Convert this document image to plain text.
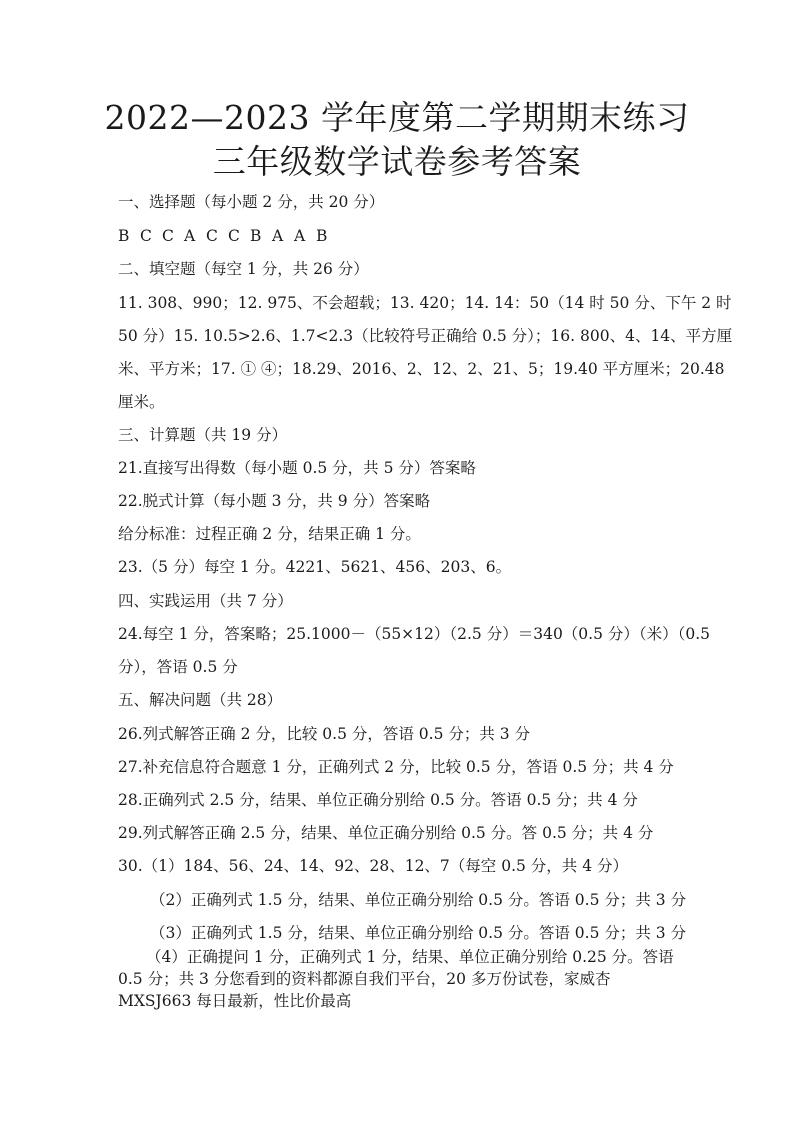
2022—2023 学年度第二学期期末练习
三年级数学试卷参考答案
一、选择题（每小题 2 分，共 20 分）
B C C A C C B A A B
二、填空题（每空 1 分，共 26 分）
11. 308、990；12. 975、不会超载；13. 420；14. 14：50（14 时 50 分、下午 2 时
50 分）15. 10.5>2.6、1.7<2.3（比较符号正确给 0.5 分）；16. 800、4、14、平方厘
米、平方米；17. ① ④；18.29、2016、2、12、2、21、5；19.40 平方厘米；20.48
厘米。
三、计算题（共 19 分）
21.直接写出得数（每小题 0.5 分，共 5 分）答案略
22.脱式计算（每小题 3 分，共 9 分）答案略
给分标准：过程正确 2 分，结果正确 1 分。
23.（5 分）每空 1 分。4221、5621、456、203、6。
四、实践运用（共 7 分）
24.每空 1 分，答案略；25.1000－（55×12）（2.5 分）＝340（0.5 分）（米）（0.5
分），答语 0.5 分
五、解决问题（共 28）
26.列式解答正确 2 分，比较 0.5 分，答语 0.5 分；共 3 分
27.补充信息符合题意 1 分，正确列式 2 分，比较 0.5 分，答语 0.5 分；共 4 分
28.正确列式 2.5 分，结果、单位正确分别给 0.5 分。答语 0.5 分；共 4 分
29.列式解答正确 2.5 分，结果、单位正确分别给 0.5 分。答 0.5 分；共 4 分
30.（1）184、56、24、14、92、28、12、7（每空 0.5 分，共 4 分）
（2）正确列式 1.5 分，结果、单位正确分别给 0.5 分。答语 0.5 分；共 3 分
（3）正确列式 1.5 分，结果、单位正确分别给 0.5 分。答语 0.5 分；共 3 分
（4）正确提问 1 分，正确列式 1 分，结果、单位正确分别给 0.25 分。答语
0.5 分；共 3 分您看到的资料都源自我们平台，20 多万份试卷，家威杏
MXSJ663 每日最新，性比价最高
